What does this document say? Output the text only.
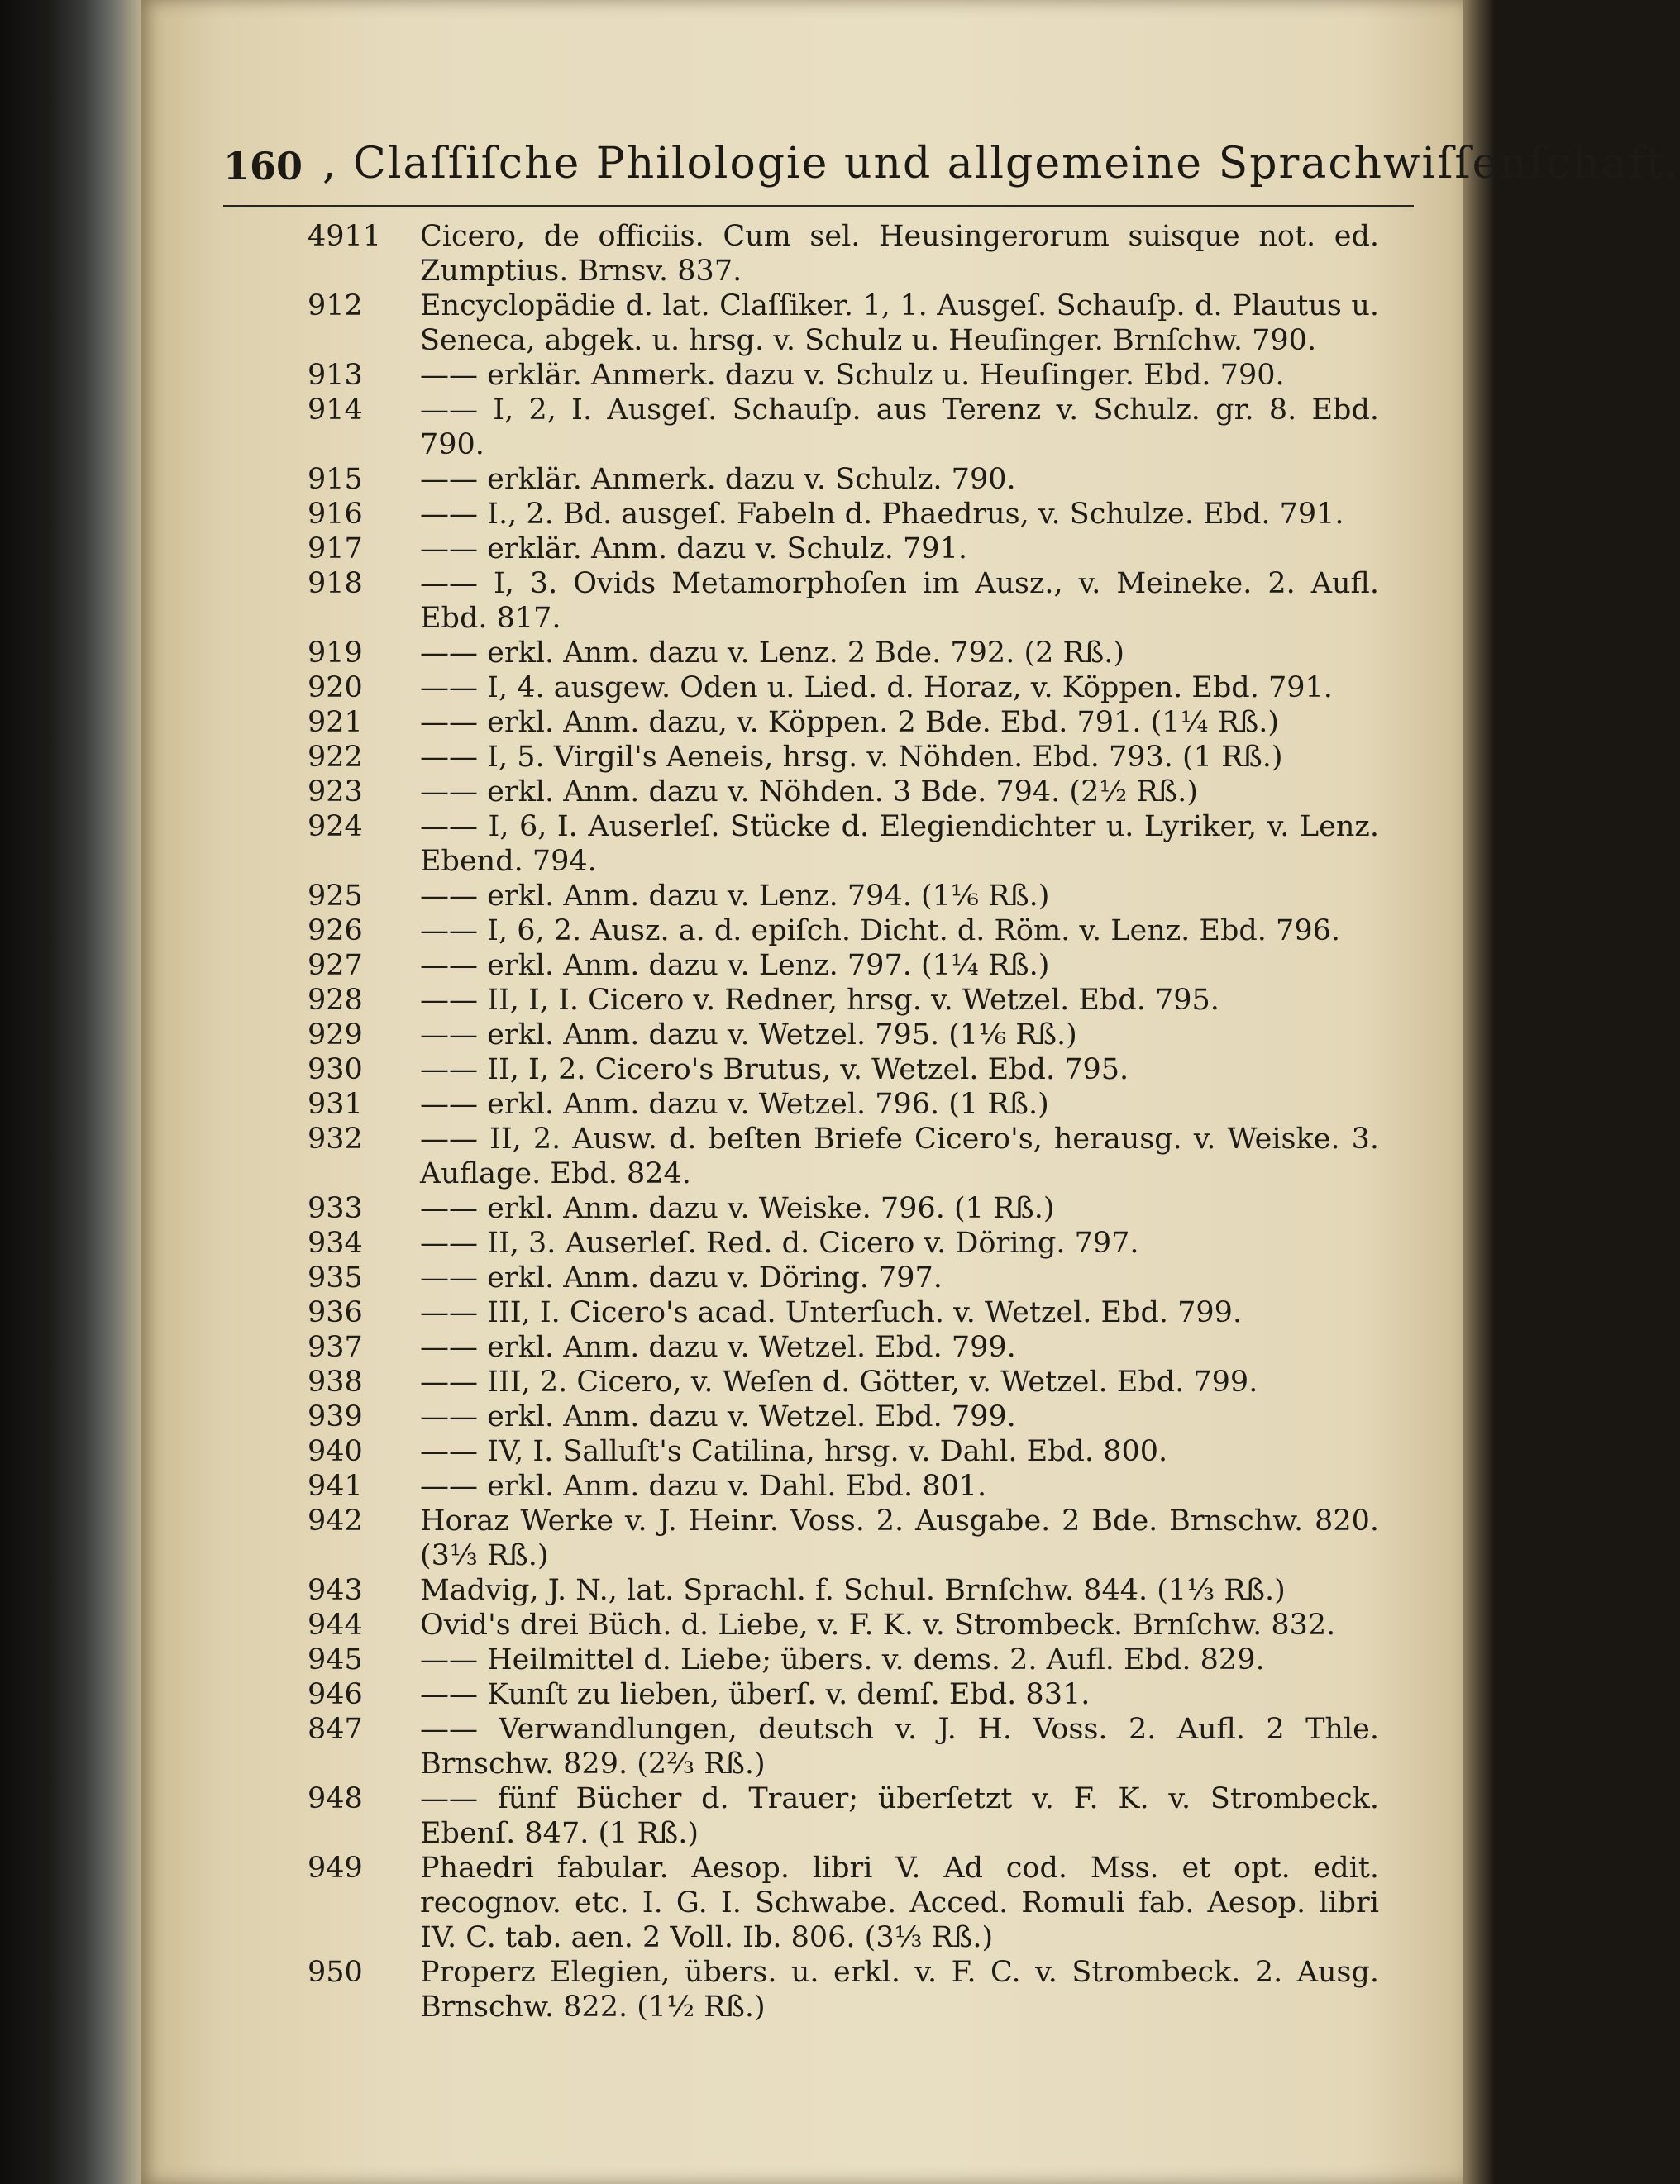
160 , Claſſiſche Philologie und allgemeine Sprachwiſſenſchaft.
4911 Cicero, de officiis. Cum sel. Heusingerorum suisque not. ed. Zumptius. Brnsv. 837.
912 Encyclopädie d. lat. Claſſiker. 1, 1. Ausgeſ. Schauſp. d. Plautus u. Seneca, abgek. u. hrsg. v. Schulz u. Heuſinger. Brnſchw. 790.
913 —— erklär. Anmerk. dazu v. Schulz u. Heuſinger. Ebd. 790.
914 —— I, 2, I. Ausgeſ. Schauſp. aus Terenz v. Schulz. gr. 8. Ebd. 790.
915 —— erklär. Anmerk. dazu v. Schulz. 790.
916 —— I., 2. Bd. ausgeſ. Fabeln d. Phaedrus, v. Schulze. Ebd. 791.
917 —— erklär. Anm. dazu v. Schulz. 791.
918 —— I, 3. Ovids Metamorphoſen im Ausz., v. Meineke. 2. Aufl. Ebd. 817.
919 —— erkl. Anm. dazu v. Lenz. 2 Bde. 792. (2 Rß.)
920 —— I, 4. ausgew. Oden u. Lied. d. Horaz, v. Köppen. Ebd. 791.
921 —— erkl. Anm. dazu, v. Köppen. 2 Bde. Ebd. 791. (1¼ Rß.)
922 —— I, 5. Virgil's Aeneis, hrsg. v. Nöhden. Ebd. 793. (1 Rß.)
923 —— erkl. Anm. dazu v. Nöhden. 3 Bde. 794. (2½ Rß.)
924 —— I, 6, I. Auserleſ. Stücke d. Elegiendichter u. Lyriker, v. Lenz. Ebend. 794.
925 —— erkl. Anm. dazu v. Lenz. 794. (1⅙ Rß.)
926 —— I, 6, 2. Ausz. a. d. epiſch. Dicht. d. Röm. v. Lenz. Ebd. 796.
927 —— erkl. Anm. dazu v. Lenz. 797. (1¼ Rß.)
928 —— II, I, I. Cicero v. Redner, hrsg. v. Wetzel. Ebd. 795.
929 —— erkl. Anm. dazu v. Wetzel. 795. (1⅙ Rß.)
930 —— II, I, 2. Cicero's Brutus, v. Wetzel. Ebd. 795.
931 —— erkl. Anm. dazu v. Wetzel. 796. (1 Rß.)
932 —— II, 2. Ausw. d. beſten Briefe Cicero's, herausg. v. Weiske. 3. Auflage. Ebd. 824.
933 —— erkl. Anm. dazu v. Weiske. 796. (1 Rß.)
934 —— II, 3. Auserleſ. Red. d. Cicero v. Döring. 797.
935 —— erkl. Anm. dazu v. Döring. 797.
936 —— III, I. Cicero's acad. Unterſuch. v. Wetzel. Ebd. 799.
937 —— erkl. Anm. dazu v. Wetzel. Ebd. 799.
938 —— III, 2. Cicero, v. Weſen d. Götter, v. Wetzel. Ebd. 799.
939 —— erkl. Anm. dazu v. Wetzel. Ebd. 799.
940 —— IV, I. Salluſt's Catilina, hrsg. v. Dahl. Ebd. 800.
941 —— erkl. Anm. dazu v. Dahl. Ebd. 801.
942 Horaz Werke v. J. Heinr. Voss. 2. Ausgabe. 2 Bde. Brnschw. 820. (3⅓ Rß.)
943 Madvig, J. N., lat. Sprachl. f. Schul. Brnſchw. 844. (1⅓ Rß.)
944 Ovid's drei Büch. d. Liebe, v. F. K. v. Strombeck. Brnſchw. 832.
945 —— Heilmittel d. Liebe; übers. v. dems. 2. Aufl. Ebd. 829.
946 —— Kunſt zu lieben, überſ. v. demſ. Ebd. 831.
847 —— Verwandlungen, deutsch v. J. H. Voss. 2. Aufl. 2 Thle. Brnschw. 829. (2⅔ Rß.)
948 —— fünf Bücher d. Trauer; überſetzt v. F. K. v. Strombeck. Ebenſ. 847. (1 Rß.)
949 Phaedri fabular. Aesop. libri V. Ad cod. Mss. et opt. edit. recognov. etc. I. G. I. Schwabe. Acced. Romuli fab. Aesop. libri IV. C. tab. aen. 2 Voll. Ib. 806. (3⅓ Rß.)
950 Properz Elegien, übers. u. erkl. v. F. C. v. Strombeck. 2. Ausg. Brnschw. 822. (1½ Rß.)
